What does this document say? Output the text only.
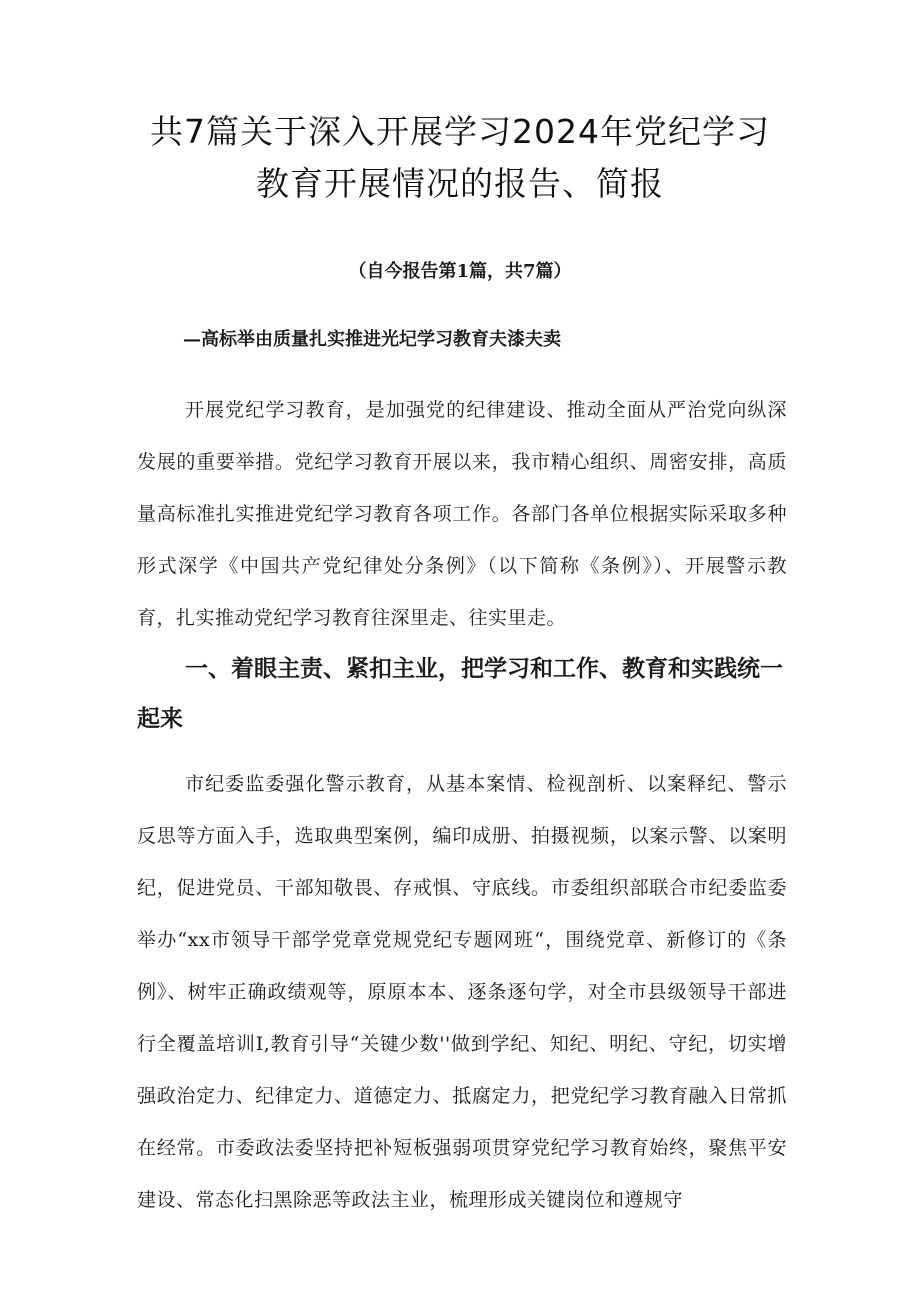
共7篇关于深入开展学习2024年党纪学习
教育开展情况的报告、简报
（自今报告第1篇，共7篇）
—高标举由质量扎实推进光圮学习教育夫漆夫卖

开展党纪学习教育，是加强党的纪律建设、推动全面从严治党向纵深发展的重要举措。党纪学习教育开展以来，我市精心组织、周密安排，高质量高标准扎实推进党纪学习教育各项工作。各部门各单位根据实际采取多种形式深学《中国共产党纪律处分条例》（以下简称《条例》）、开展警示教育，扎实推动党纪学习教育往深里走、往实里走。

一、着眼主责、紧扣主业，把学习和工作、教育和实践统一起来

市纪委监委强化警示教育，从基本案情、检视剖析、以案释纪、警示反思等方面入手，选取典型案例，编印成册、拍摄视频，以案示警、以案明纪，促进党员、干部知敬畏、存戒惧、守底线。市委组织部联合市纪委监委举办“xx市领导干部学党章党规党纪专题网班“，围绕党章、新修订的《条例》、树牢正确政绩观等，原原本本、逐条逐句学，对全市县级领导干部进行全覆盖培训I,教育引导“关键少数''做到学纪、知纪、明纪、守纪，切实增强政治定力、纪律定力、道德定力、抵腐定力，把党纪学习教育融入日常抓在经常。市委政法委坚持把补短板强弱项贯穿党纪学习教育始终，聚焦平安建设、常态化扫黑除恶等政法主业，梳理形成关键岗位和遵规守
